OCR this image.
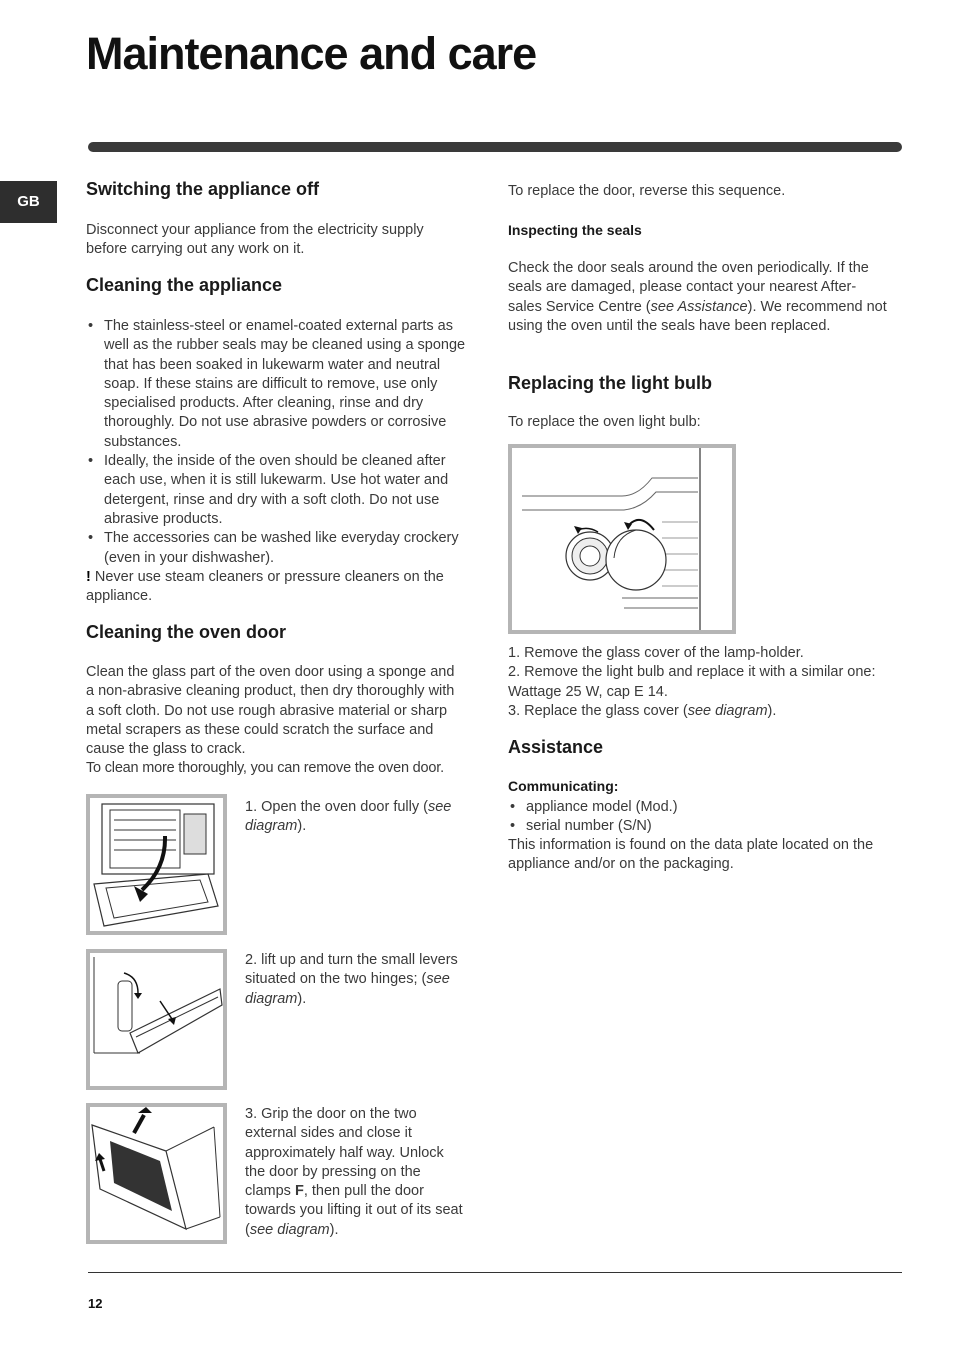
Maintenance and care
GB
Switching the appliance off

Disconnect your appliance from the electricity supply before carrying out any work on it.

Cleaning the appliance
• The stainless-steel or enamel-coated external parts as well as the rubber seals may be cleaned using a sponge that has been soaked in lukewarm water and neutral soap. If these stains are difficult to remove, use only specialised products. After cleaning, rinse and dry thoroughly. Do not use abrasive powders or corrosive substances.
• Ideally, the inside of the oven should be cleaned after each use, when it is still lukewarm. Use hot water and detergent, rinse and dry with a soft cloth. Do not use abrasive products.
• The accessories can be washed like everyday crockery (even in your dishwasher).
! Never use steam cleaners or pressure cleaners on the appliance.
Cleaning the oven door

Clean the glass part of the oven door using a sponge and a non-abrasive cleaning product, then dry thoroughly with a soft cloth. Do not use rough abrasive material or sharp metal scrapers as these could scratch the surface and cause the glass to crack.

To clean more thoroughly, you can remove the oven door.

1. Open the oven door fully (see diagram).

2. lift up and turn the small levers situated on the two hinges; (see diagram).

3. Grip the door on the two external sides and close it approximately half way. Unlock the door by pressing on the clamps F, then pull the door towards you lifting it out of its seat (see diagram).

To replace the door, reverse this sequence.

Inspecting the seals

Check the door seals around the oven periodically. If the seals are damaged, please contact your nearest After-sales Service Centre (see Assistance). We recommend not using the oven until the seals have been replaced.

Replacing the light bulb

To replace the oven light bulb:

1. Remove the glass cover of the lamp-holder.

2. Remove the light bulb and replace it with a similar one: Wattage 25 W, cap E 14.

3. Replace the glass cover (see diagram).

Assistance
Communicating:
• appliance model (Mod.)
• serial number (S/N)

This information is found on the data plate located on the appliance and/or on the packaging.

12
